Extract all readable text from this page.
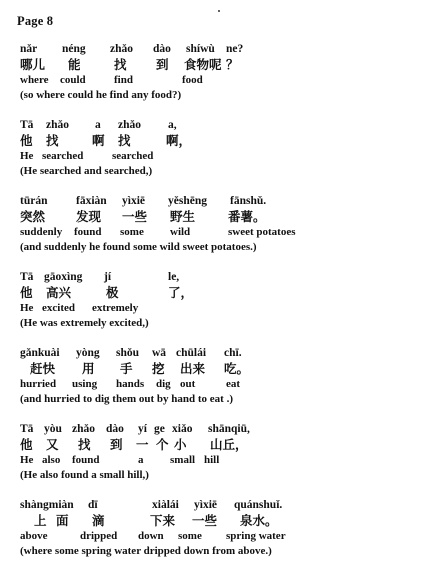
Page 8
nǎr néng zhǎo dào shíwù ne?
哪儿 能	找 到 食物呢 ？
where could	find	food
(so where could he find any food?)
Tā zhǎo a zhǎo a,
他 找	啊 找	啊，
He searched	searched
(He searched and searched,)
tūrán fāxiàn yìxiē yěshēng fānshǔ.
突然 发现 一些 野生	番薯。
suddenly found some wild	sweet potatoes
(and suddenly he found some wild sweet potatoes.)
Tā gāoxìng jí	le,
他 高兴	极	了，
He excited extremely
(He was extremely excited,)
gǎnkuài yòng shǒu wā chūlái chī.
赶快 用 手 挖 出来 吃。
hurried using hands dig out	eat
(and hurried to dig them out by hand to eat .)
Tā yòu zhǎo dào yí ge xiǎo shānqiū,
他 又 找 到 一 个 小 山丘，
He also found	a small hill
(He also found a small hill,)
shàngmiàn dī	xiàlái yìxiē quánshuǐ.
上 面 滴	下来 一些 泉水。
above	dripped down some spring water
(where some spring water dripped down from above.)
